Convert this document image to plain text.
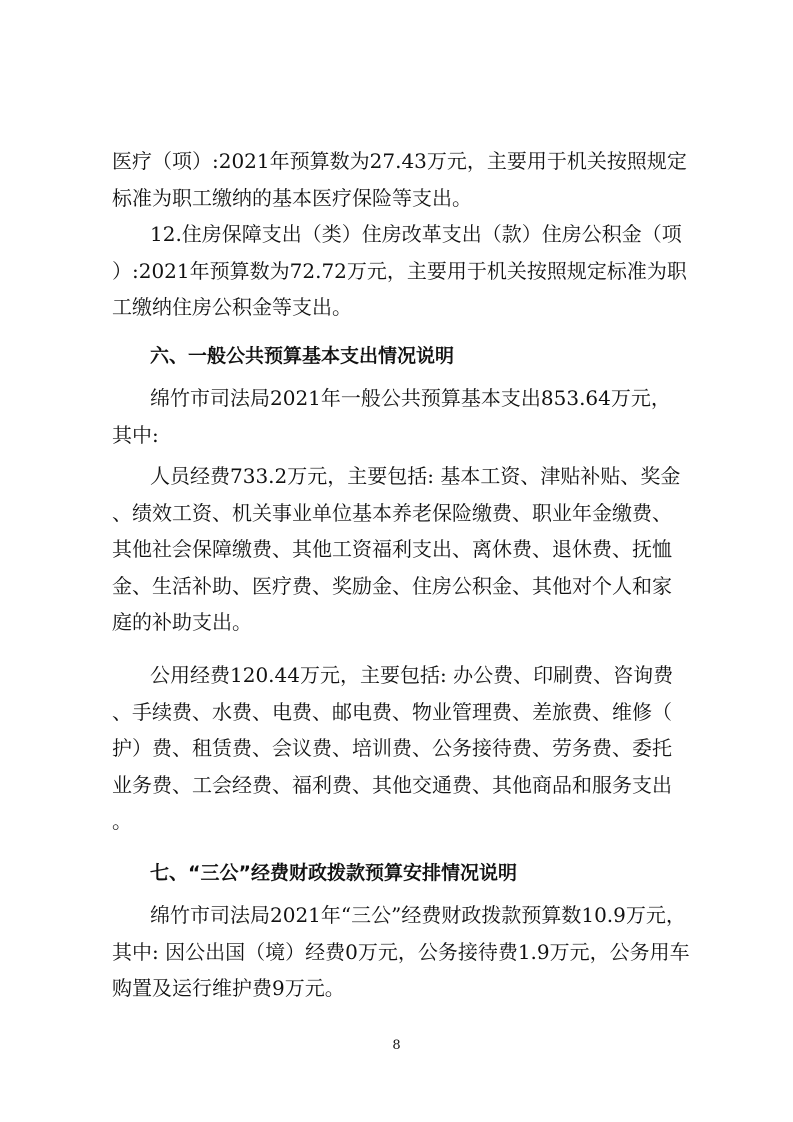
医疗（项）:2021年预算数为27.43万元，主要用于机关按照规定标准为职工缴纳的基本医疗保险等支出。

12.住房保障支出（类）住房改革支出（款）住房公积金（项）:2021年预算数为72.72万元，主要用于机关按照规定标准为职工缴纳住房公积金等支出。

六、一般公共预算基本支出情况说明

绵竹市司法局2021年一般公共预算基本支出853.64万元，其中:

人员经费733.2万元，主要包括: 基本工资、津贴补贴、奖金、绩效工资、机关事业单位基本养老保险缴费、职业年金缴费、其他社会保障缴费、其他工资福利支出、离休费、退休费、抚恤金、生活补助、医疗费、奖励金、住房公积金、其他对个人和家庭的补助支出。

公用经费120.44万元，主要包括: 办公费、印刷费、咨询费、手续费、水费、电费、邮电费、物业管理费、差旅费、维修（护）费、租赁费、会议费、培训费、公务接待费、劳务费、委托业务费、工会经费、福利费、其他交通费、其他商品和服务支出。

七、“三公”经费财政拨款预算安排情况说明

绵竹市司法局2021年“三公”经费财政拨款预算数10.9万元，其中: 因公出国（境）经费0万元，公务接待费1.9万元，公务用车购置及运行维护费9万元。

8
